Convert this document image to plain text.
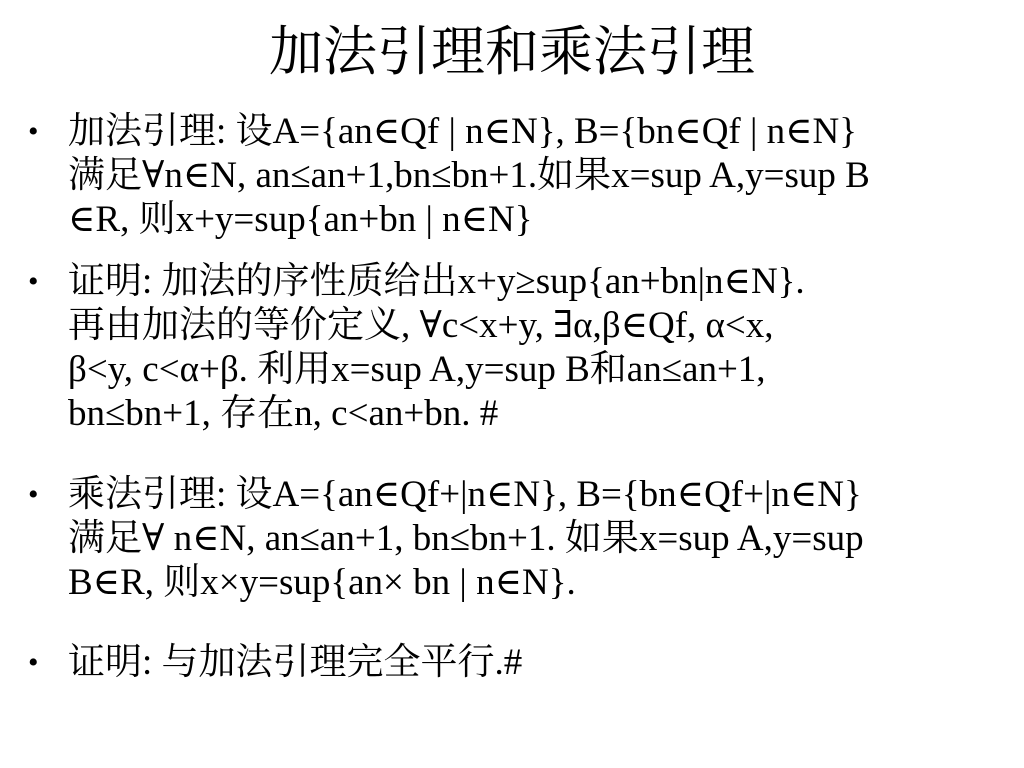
加法引理和乘法引理
• 加法引理: 设A={an∈Qf | n∈N}, B={bn∈Qf | n∈N}
满足∀n∈N, an≤an+1,bn≤bn+1.如果x=sup A,y=sup B
∈R, 则x+y=sup{an+bn | n∈N}
• 证明: 加法的序性质给出x+y≥sup{an+bn|n∈N}.
再由加法的等价定义, ∀c<x+y, ∃α,β∈Qf, α<x,
β<y, c<α+β. 利用x=sup A,y=sup B和an≤an+1,
bn≤bn+1, 存在n, c<an+bn. #
• 乘法引理: 设A={an∈Qf+|n∈N}, B={bn∈Qf+|n∈N}
满足∀ n∈N, an≤an+1, bn≤bn+1. 如果x=sup A,y=sup
B∈R, 则x×y=sup{an× bn | n∈N}.
• 证明: 与加法引理完全平行.#
